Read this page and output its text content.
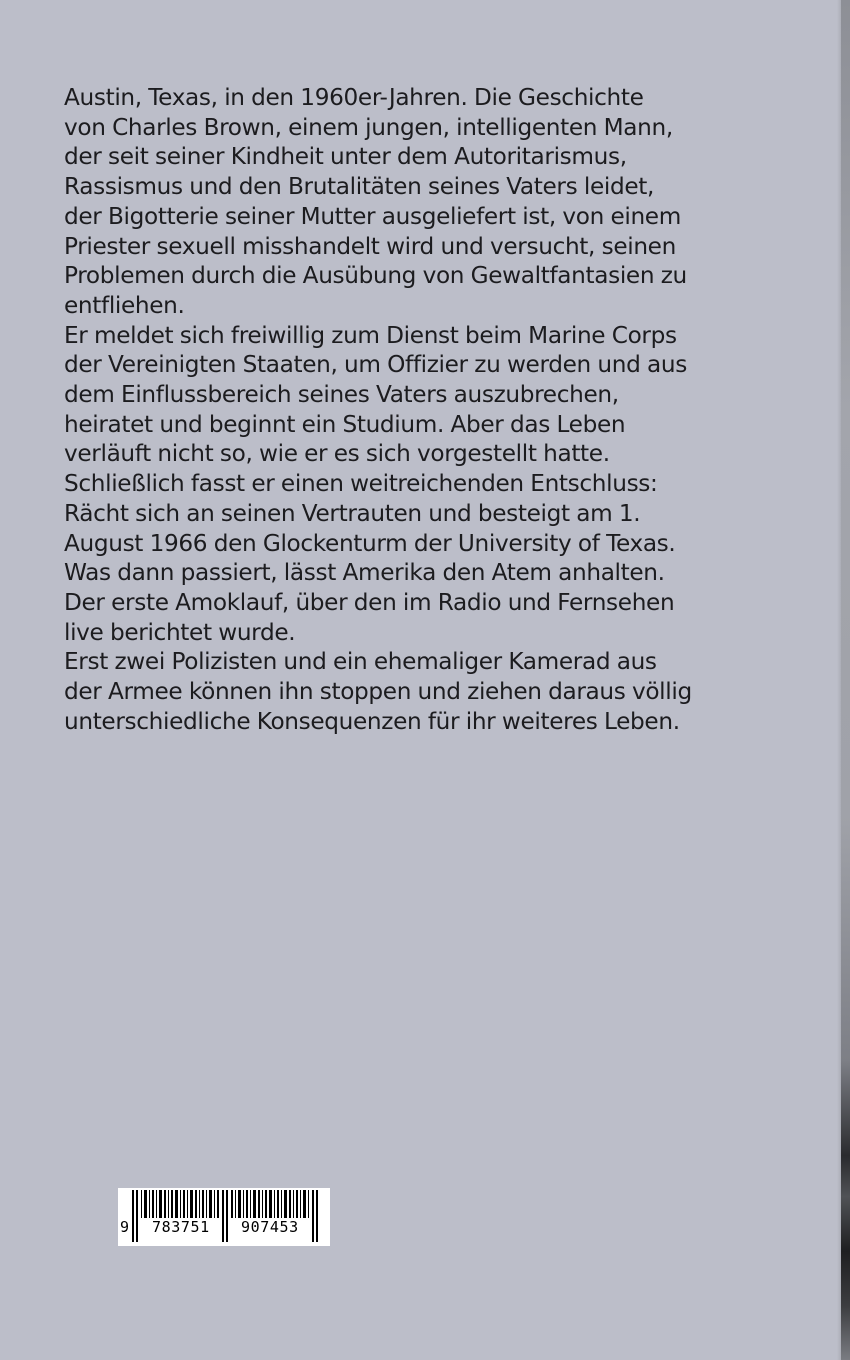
Austin, Texas, in den 1960er-Jahren. Die Geschichte
von Charles Brown, einem jungen, intelligenten Mann,
der seit seiner Kindheit unter dem Autoritarismus,
Rassismus und den Brutalitäten seines Vaters leidet,
der Bigotterie seiner Mutter ausgeliefert ist, von einem
Priester sexuell misshandelt wird und versucht, seinen
Problemen durch die Ausübung von Gewaltfantasien zu
entfliehen.

Er meldet sich freiwillig zum Dienst beim Marine Corps
der Vereinigten Staaten, um Offizier zu werden und aus
dem Einflussbereich seines Vaters auszubrechen,
heiratet und beginnt ein Studium. Aber das Leben
verläuft nicht so, wie er es sich vorgestellt hatte.
Schließlich fasst er einen weitreichenden Entschluss:
Rächt sich an seinen Vertrauten und besteigt am 1.
August 1966 den Glockenturm der University of Texas.
Was dann passiert, lässt Amerika den Atem anhalten.
Der erste Amoklauf, über den im Radio und Fernsehen
live berichtet wurde.

Erst zwei Polizisten und ein ehemaliger Kamerad aus
der Armee können ihn stoppen und ziehen daraus völlig
unterschiedliche Konsequenzen für ihr weiteres Leben.

9 783751 907453
